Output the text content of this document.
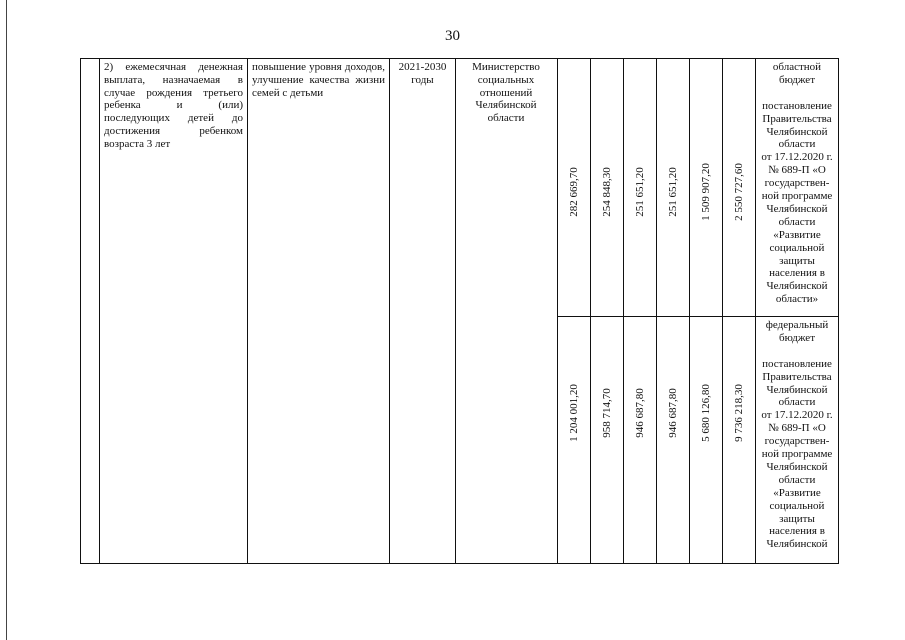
30
2) ежемесячная денежная выплата, назначаемая в случае рождения третьего ребенка и (или) последующих детей до достижения ребенком возраста 3 лет
повышение уровня доходов, улучшение качества жизни семей с детьми
2021-2030 годы
Министерство социальных отношений Челябинской области
282 669,70 254 848,30 251 651,20 251 651,20 1 509 907,20 2 550 727,60
1 204 001,20 958 714,70 946 687,80 946 687,80 5 680 126,80 9 736 218,30
областной
бюджет
постановление
Правительства
Челябинской
области
от 17.12.2020 г.
№ 689-П «О
государствен-
ной программе
Челябинской
области
«Развитие
социальной
защиты
населения в
Челябинской
области»
федеральный
бюджет
постановление
Правительства
Челябинской
области
от 17.12.2020 г.
№ 689-П «О
государствен-
ной программе
Челябинской
области
«Развитие
социальной
защиты
населения в
Челябинской
